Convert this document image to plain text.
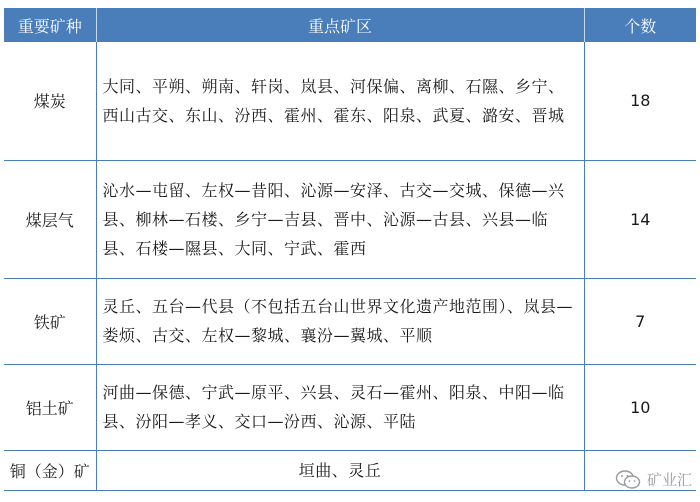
重要矿种	重点矿区	个数
煤炭	大同、平朔、朔南、轩岗、岚县、河保偏、离柳、石隰、乡宁、西山古交、东山、汾西、霍州、霍东、阳泉、武夏、潞安、晋城	18
煤层气	沁水—屯留、左权—昔阳、沁源—安泽、古交—交城、保德—兴县、柳林—石楼、乡宁—吉县、晋中、沁源—古县、兴县—临县、石楼—隰县、大同、宁武、霍西	14
铁矿	灵丘、五台—代县（不包括五台山世界文化遗产地范围）、岚县—娄烦、古交、左权—黎城、襄汾—翼城、平顺	7
铝土矿	河曲—保德、宁武—原平、兴县、灵石—霍州、阳泉、中阳—临县、汾阳—孝义、交口—汾西、沁源、平陆	10
铜（金）矿	垣曲、灵丘	
矿业汇
